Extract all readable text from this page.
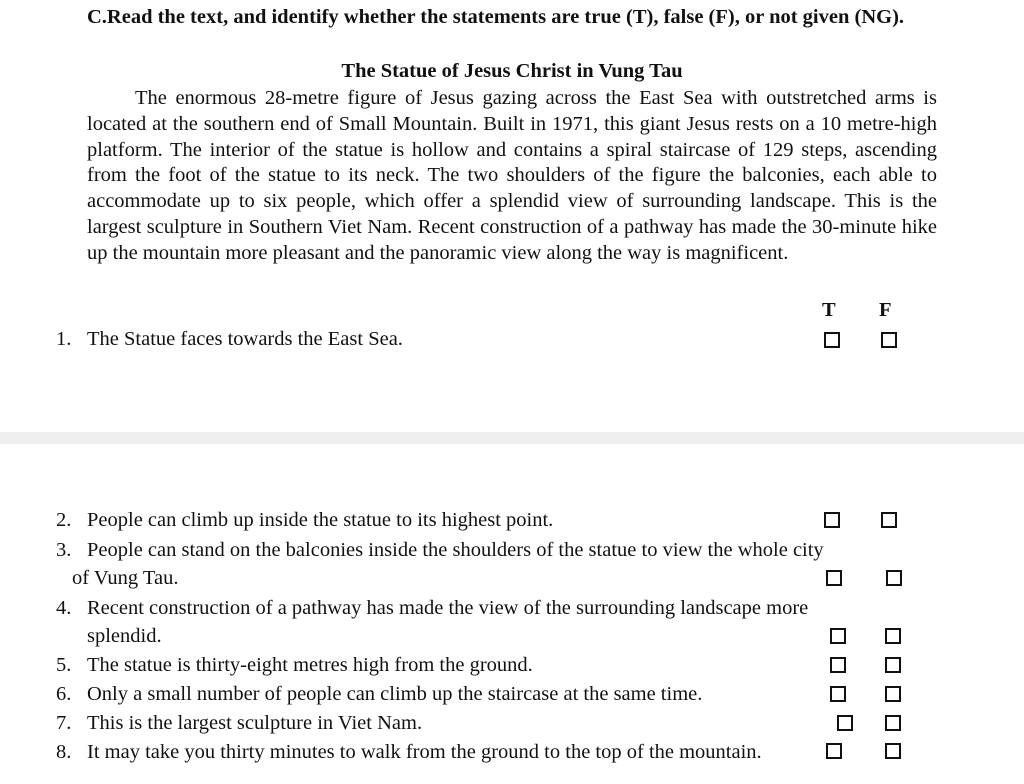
C.Read the text, and identify whether the statements are true (T), false (F), or not given (NG).

The Statue of Jesus Christ in Vung Tau

The enormous 28-metre figure of Jesus gazing across the East Sea with outstretched arms is located at the southern end of Small Mountain. Built in 1971, this giant Jesus rests on a 10 metre-high platform. The interior of the statue is hollow and contains a spiral staircase of 129 steps, ascending from the foot of the statue to its neck. The two shoulders of the figure the balconies, each able to accommodate up to six people, which offer a splendid view of surrounding landscape. This is the largest sculpture in Southern Viet Nam. Recent construction of a pathway has made the 30-minute hike up the mountain more pleasant and the panoramic view along the way is magnificent.

T F
1. The Statue faces towards the East Sea.
2. People can climb up inside the statue to its highest point.
3. People can stand on the balconies inside the shoulders of the statue to view the whole city
of Vung Tau.
4. Recent construction of a pathway has made the view of the surrounding landscape more
splendid.
5. The statue is thirty-eight metres high from the ground.
6. Only a small number of people can climb up the staircase at the same time.
7. This is the largest sculpture in Viet Nam.
8. It may take you thirty minutes to walk from the ground to the top of the mountain.
